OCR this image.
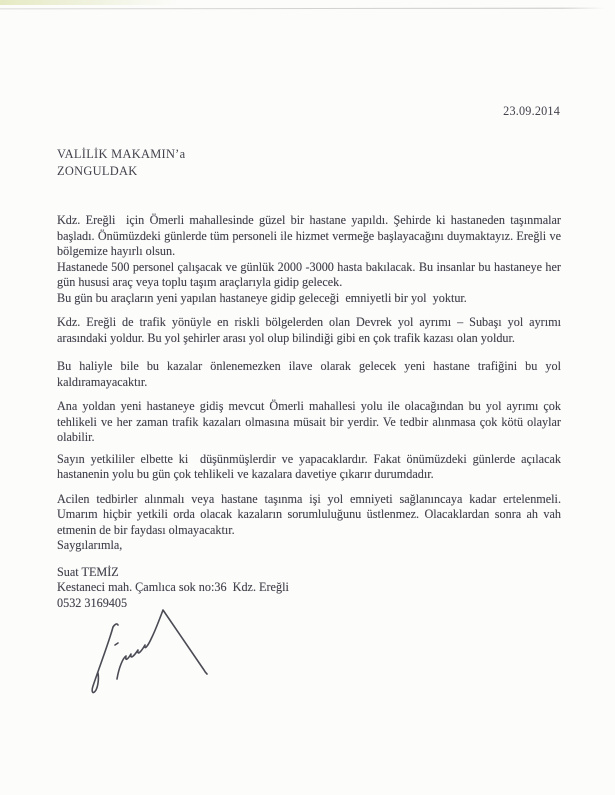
23.09.2014
VALİLİK MAKAMIN’a
ZONGULDAK

Kdz. Ereğli  için Ömerli mahallesinde güzel bir hastane yapıldı. Şehirde ki hastaneden taşınmalar başladı. Önümüzdeki günlerde tüm personeli ile hizmet vermeğe başlayacağını duymaktayız. Ereğli ve bölgemize hayırlı olsun.

Hastanede 500 personel çalışacak ve günlük 2000 -3000 hasta bakılacak. Bu insanlar bu hastaneye her gün hususi araç veya toplu taşım araçlarıyla gidip gelecek.

Bu gün bu araçların yeni yapılan hastaneye gidip geleceği  emniyetli bir yol  yoktur.

Kdz. Ereğli de trafik yönüyle en riskli bölgelerden olan Devrek yol ayrımı – Subaşı yol ayrımı arasındaki yoldur. Bu yol şehirler arası yol olup bilindiği gibi en çok trafik kazası olan yoldur.

Bu haliyle bile bu kazalar önlenemezken ilave olarak gelecek yeni hastane trafiğini bu yol kaldıramayacaktır.

Ana yoldan yeni hastaneye gidiş mevcut Ömerli mahallesi yolu ile olacağından bu yol ayrımı çok tehlikeli ve her zaman trafik kazaları olmasına müsait bir yerdir. Ve tedbir alınmasa çok kötü olaylar olabilir.

Sayın yetkililer elbette ki  düşünmüşlerdir ve yapacaklardır. Fakat önümüzdeki günlerde açılacak hastanenin yolu bu gün çok tehlikeli ve kazalara davetiye çıkarır durumdadır.

Acilen tedbirler alınmalı veya hastane taşınma işi yol emniyeti sağlanıncaya kadar ertelenmeli. Umarım hiçbir yetkili orda olacak kazaların sorumluluğunu üstlenmez. Olacaklardan sonra ah vah etmenin de bir faydası olmayacaktır.

Saygılarımla,

Suat TEMİZ
Kestaneci mah. Çamlıca sok no:36  Kdz. Ereğli
0532 3169405
